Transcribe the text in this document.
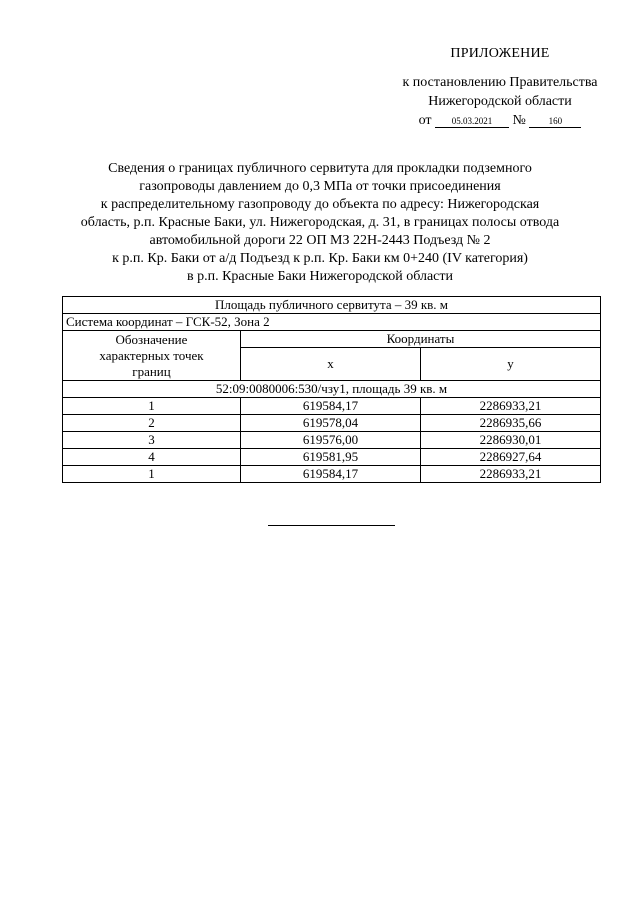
ПРИЛОЖЕНИЕ
к постановлению Правительства
Нижегородской области
от 05.03.2021 №	160
Сведения о границах публичного сервитута для прокладки подземного
газопроводы давлением до 0,3 МПа от точки присоединения
к распределительному газопроводу до объекта по адресу: Нижегородская
область, р.п. Красные Баки, ул. Нижегородская, д. 31, в границах полосы отвода
автомобильной дороги 22 ОП МЗ 22Н-2443 Подъезд № 2
к р.п. Кр. Баки от а/д Подъезд к р.п. Кр. Баки км 0+240 (IV категория)
в р.п. Красные Баки Нижегородской области
Площадь публичного сервитута – 39 кв. м		
Система координат – ГСК-52, Зона 2		

Обозначение
характерных точек
границ	Координаты	
	х	у
52:09:0080006:530/чзу1, площадь 39 кв. м		
1	619584,17	2286933,21
2	619578,04	2286935,66
3	619576,00	2286930,01
4	619581,95	2286927,64
1	619584,17	2286933,21
